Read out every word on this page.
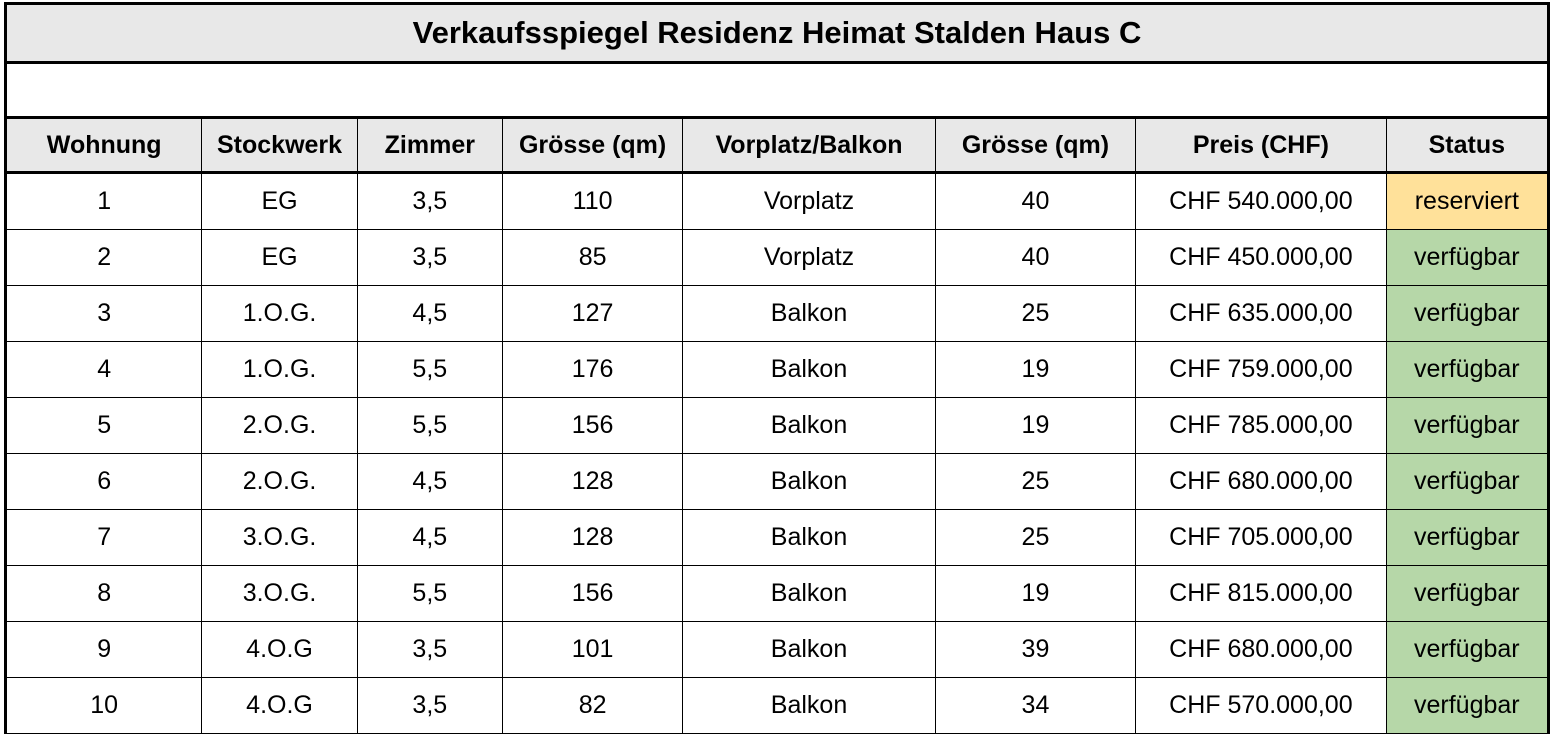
Verkaufsspiegel Residenz Heimat Stalden Haus C							

Wohnung	Stockwerk	Zimmer	Grösse (qm)	Vorplatz/Balkon	Grösse (qm)	Preis (CHF)	Status
1	EG	3,5	110	Vorplatz	40	CHF 540.000,00	reserviert
2	EG	3,5	85	Vorplatz	40	CHF 450.000,00	verfügbar
3	1.O.G.	4,5	127	Balkon	25	CHF 635.000,00	verfügbar
4	1.O.G.	5,5	176	Balkon	19	CHF 759.000,00	verfügbar
5	2.O.G.	5,5	156	Balkon	19	CHF 785.000,00	verfügbar
6	2.O.G.	4,5	128	Balkon	25	CHF 680.000,00	verfügbar
7	3.O.G.	4,5	128	Balkon	25	CHF 705.000,00	verfügbar
8	3.O.G.	5,5	156	Balkon	19	CHF 815.000,00	verfügbar
9	4.O.G	3,5	101	Balkon	39	CHF 680.000,00	verfügbar
10	4.O.G	3,5	82	Balkon	34	CHF 570.000,00	verfügbar
